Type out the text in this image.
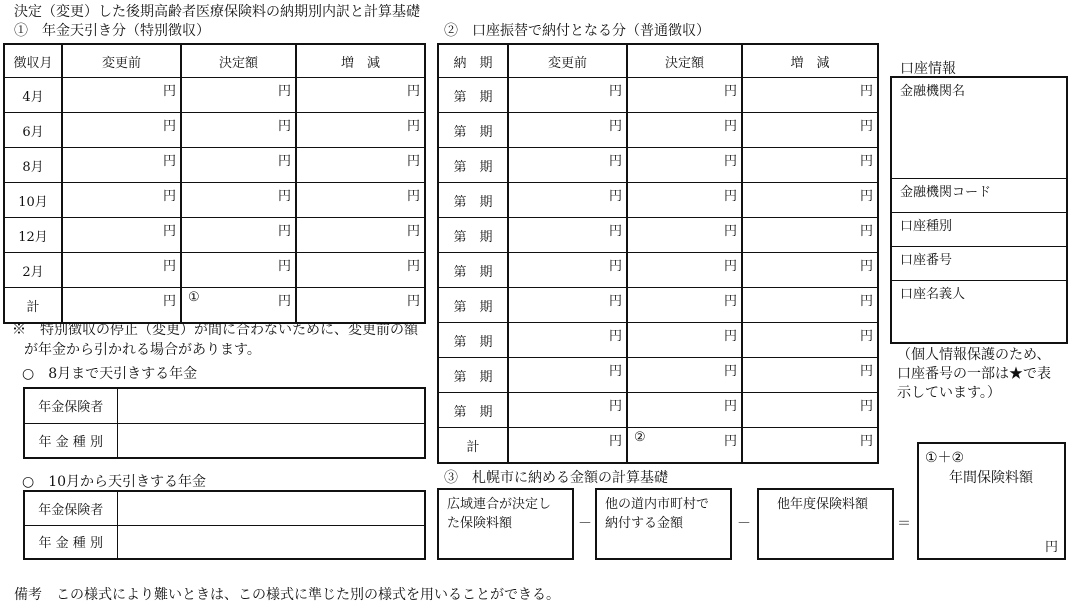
決定（変更）した後期高齢者医療保険料の納期別内訳と計算基礎
①　年金天引き分（特別徴収）
徴収月	変更前	決定額	増　減
4月	円	円	円
6月	円	円	円
8月	円	円	円
10月	円	円	円
12月	円	円	円
2月	円	円	円
計	円	① 円	円
※　特別徴収の停止（変更）が間に合わないために、変更前の額
が年金から引かれる場合があります。
○　8月まで天引きする年金
年金保険者	
年 金 種 別	
○　10月から天引きする年金
年金保険者	
年 金 種 別	
②　口座振替で納付となる分（普通徴収）
納　期	変更前	決定額	増　減
第　期	円	円	円
第　期	円	円	円
第　期	円	円	円
第　期	円	円	円
第　期	円	円	円
第　期	円	円	円
第　期	円	円	円
第　期	円	円	円
第　期	円	円	円
第　期	円	円	円
計	円	② 円	円
口座情報
金融機関名
金融機関コード
口座種別
口座番号
口座名義人
（個人情報保護のため、
口座番号の一部は★で表
示しています。）
③　札幌市に納める金額の計算基礎
広域連合が決定し
た保険料額	－
他の道内市町村で
納付する金額	－
他年度保険料額
＝
①＋②
年間保険料額
円
備考　この様式により難いときは、この様式に準じた別の様式を用いることができる。
